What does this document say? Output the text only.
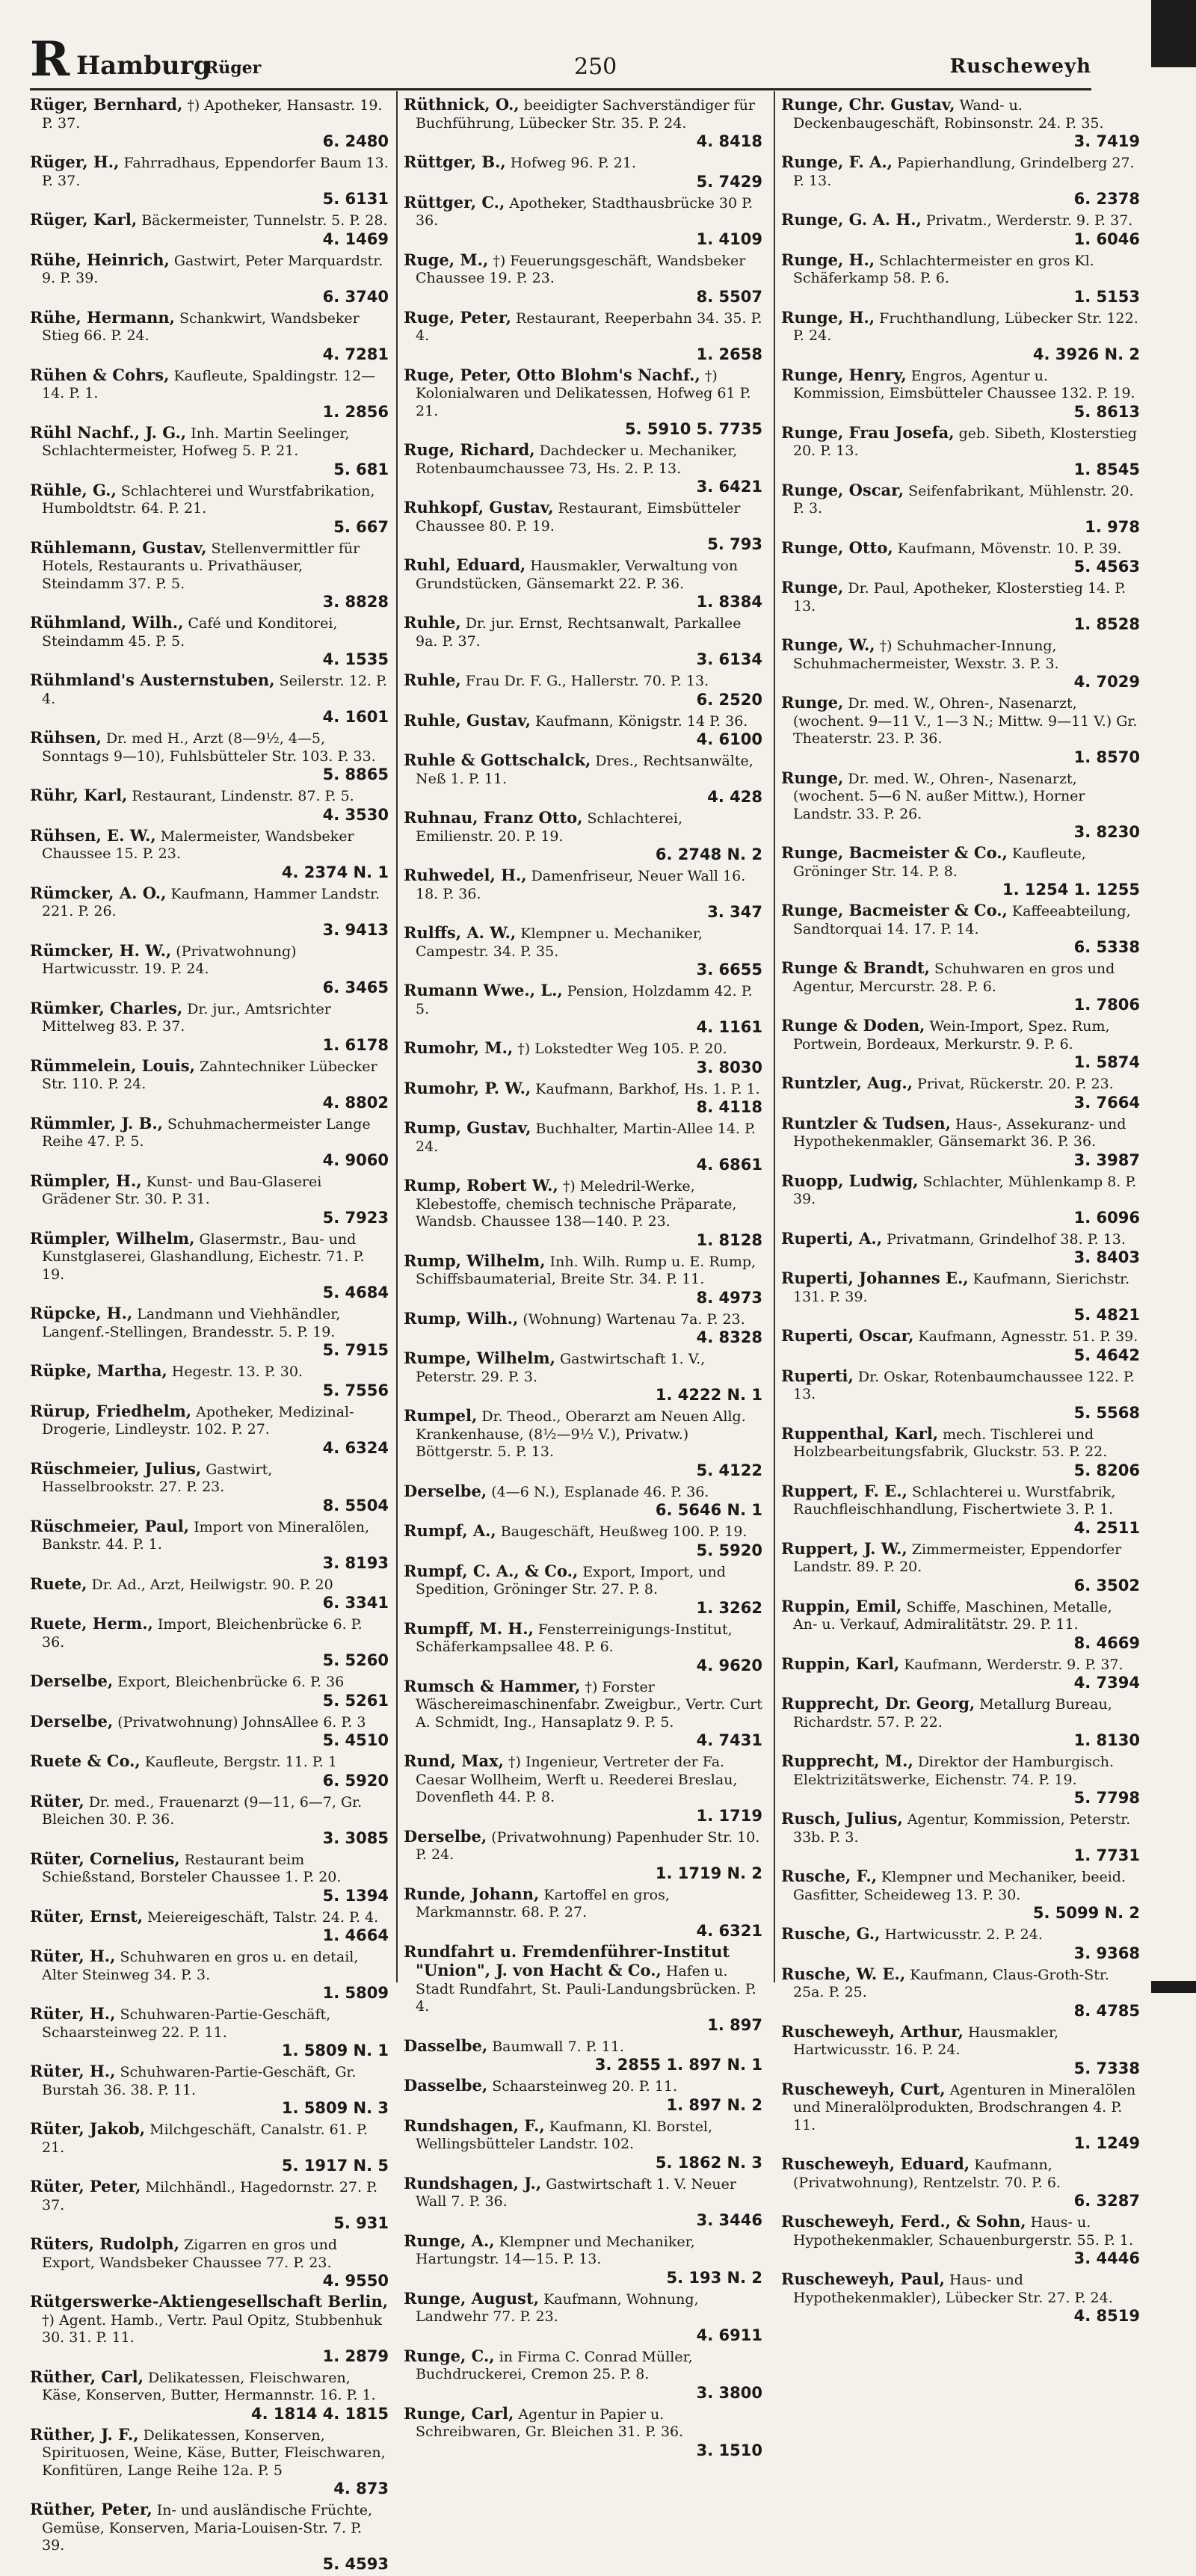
R Hamburg
Rüger	250	Ruscheweyh
Rüger, Bernhard, †) Apotheker, Hansastr. 19. P. 37.
6. 2480
Rüger, H., Fahrradhaus, Eppendorfer Baum 13. P. 37.
5. 6131
Rüger, Karl, Bäckermeister, Tunnelstr. 5. P. 28.
4. 1469
Rühe, Heinrich, Gastwirt, Peter Marquardstr. 9. P. 39.
6. 3740
Rühe, Hermann, Schankwirt, Wandsbeker Stieg 66. P. 24.
4. 7281
Rühen & Cohrs, Kaufleute, Spaldingstr. 12—14. P. 1.
1. 2856
Rühl Nachf., J. G., Inh. Martin Seelinger, Schlachtermeister, Hofweg 5. P. 21.
5. 681
Rühle, G., Schlachterei und Wurstfabrikation, Humboldtstr. 64. P. 21.
5. 667
Rühlemann, Gustav, Stellenvermittler für Hotels, Restaurants u. Privathäuser, Steindamm 37. P. 5.
3. 8828
Rühmland, Wilh., Café und Konditorei, Steindamm 45. P. 5.
4. 1535
Rühmland's Austernstuben, Seilerstr. 12. P. 4.
4. 1601
Rühsen, Dr. med H., Arzt (8—9½, 4—5, Sonntags 9—10), Fuhlsbütteler Str. 103. P. 33.
5. 8865
Rühr, Karl, Restaurant, Lindenstr. 87. P. 5.
4. 3530
Rühsen, E. W., Malermeister, Wandsbeker Chaussee 15. P. 23.
4. 2374 N. 1
Rümcker, A. O., Kaufmann, Hammer Landstr. 221. P. 26.
3. 9413
Rümcker, H. W., (Privatwohnung) Hartwicusstr. 19. P. 24.
6. 3465
Rümker, Charles, Dr. jur., Amtsrichter Mittelweg 83. P. 37.
1. 6178
Rümmelein, Louis, Zahntechniker Lübecker Str. 110. P. 24.
4. 8802
Rümmler, J. B., Schuhmachermeister Lange Reihe 47. P. 5.
4. 9060
Rümpler, H., Kunst- und Bau-Glaserei Grädener Str. 30. P. 31.
5. 7923
Rümpler, Wilhelm, Glasermstr., Bau- und Kunstglaserei, Glashandlung, Eichestr. 71. P. 19.
5. 4684
Rüpcke, H., Landmann und Viehhändler, Langenf.-Stellingen, Brandesstr. 5. P. 19.
5. 7915
Rüpke, Martha, Hegestr. 13. P. 30.
5. 7556
Rürup, Friedhelm, Apotheker, Medizinal-Drogerie, Lindleystr. 102. P. 27.
4. 6324
Rüschmeier, Julius, Gastwirt, Hasselbrookstr. 27. P. 23.
8. 5504
Rüschmeier, Paul, Import von Mineralölen, Bankstr. 44. P. 1.
3. 8193
Ruete, Dr. Ad., Arzt, Heilwigstr. 90. P. 20
6. 3341
Ruete, Herm., Import, Bleichenbrücke 6. P. 36.
5. 5260
Derselbe, Export, Bleichenbrücke 6. P. 36
5. 5261
Derselbe, (Privatwohnung) JohnsAllee 6. P. 3
5. 4510
Ruete & Co., Kaufleute, Bergstr. 11. P. 1
6. 5920
Rüter, Dr. med., Frauenarzt (9—11, 6—7, Gr. Bleichen 30. P. 36.
3. 3085
Rüter, Cornelius, Restaurant beim Schießstand, Borsteler Chaussee 1. P. 20.
5. 1394
Rüter, Ernst, Meiereigeschäft, Talstr. 24. P. 4.
1. 4664
Rüter, H., Schuhwaren en gros u. en detail, Alter Steinweg 34. P. 3.
1. 5809
Rüter, H., Schuhwaren-Partie-Geschäft, Schaarsteinweg 22. P. 11.
1. 5809 N. 1
Rüter, H., Schuhwaren-Partie-Geschäft, Gr. Burstah 36. 38. P. 11.
1. 5809 N. 3
Rüter, Jakob, Milchgeschäft, Canalstr. 61. P. 21.
5. 1917 N. 5
Rüter, Peter, Milchhändl., Hagedornstr. 27. P. 37.
5. 931
Rüters, Rudolph, Zigarren en gros und Export, Wandsbeker Chaussee 77. P. 23.
4. 9550
Rütgerswerke-Aktiengesellschaft Berlin, †) Agent. Hamb., Vertr. Paul Opitz, Stubbenhuk 30. 31. P. 11.
1. 2879
Rüther, Carl, Delikatessen, Fleischwaren, Käse, Konserven, Butter, Hermannstr. 16. P. 1.
4. 1814 4. 1815
Rüther, J. F., Delikatessen, Konserven, Spirituosen, Weine, Käse, Butter, Fleischwaren, Konfitüren, Lange Reihe 12a. P. 5
4. 873
Rüther, Peter, In- und ausländische Früchte, Gemüse, Konserven, Maria-Louisen-Str. 7. P. 39.
5. 4593
Rüthnick, O., beeidigter Sachverständiger für Buchführung, Lübecker Str. 35. P. 24.
4. 8418
Rüttger, B., Hofweg 96. P. 21.
5. 7429
Rüttger, C., Apotheker, Stadthausbrücke 30 P. 36.
1. 4109
Ruge, M., †) Feuerungsgeschäft, Wandsbeker Chaussee 19. P. 23.
8. 5507
Ruge, Peter, Restaurant, Reeperbahn 34. 35. P. 4.
1. 2658
Ruge, Peter, Otto Blohm's Nachf., †) Kolonialwaren und Delikatessen, Hofweg 61 P. 21.
5. 5910 5. 7735
Ruge, Richard, Dachdecker u. Mechaniker, Rotenbaumchaussee 73, Hs. 2. P. 13.
3. 6421
Ruhkopf, Gustav, Restaurant, Eimsbütteler Chaussee 80. P. 19.
5. 793
Ruhl, Eduard, Hausmakler, Verwaltung von Grundstücken, Gänsemarkt 22. P. 36.
1. 8384
Ruhle, Dr. jur. Ernst, Rechtsanwalt, Parkallee 9a. P. 37.
3. 6134
Ruhle, Frau Dr. F. G., Hallerstr. 70. P. 13.
6. 2520
Ruhle, Gustav, Kaufmann, Königstr. 14 P. 36.
4. 6100
Ruhle & Gottschalck, Dres., Rechtsanwälte, Neß 1. P. 11.
4. 428
Ruhnau, Franz Otto, Schlachterei, Emilienstr. 20. P. 19.
6. 2748 N. 2
Ruhwedel, H., Damenfriseur, Neuer Wall 16. 18. P. 36.
3. 347
Rulffs, A. W., Klempner u. Mechaniker, Campestr. 34. P. 35.
3. 6655
Rumann Wwe., L., Pension, Holzdamm 42. P. 5.
4. 1161
Rumohr, M., †) Lokstedter Weg 105. P. 20.
3. 8030
Rumohr, P. W., Kaufmann, Barkhof, Hs. 1. P. 1.
8. 4118
Rump, Gustav, Buchhalter, Martin-Allee 14. P. 24.
4. 6861
Rump, Robert W., †) Meledril-Werke, Klebestoffe, chemisch technische Präparate, Wandsb. Chaussee 138—140. P. 23.
1. 8128
Rump, Wilhelm, Inh. Wilh. Rump u. E. Rump, Schiffsbaumaterial, Breite Str. 34. P. 11.
8. 4973
Rump, Wilh., (Wohnung) Wartenau 7a. P. 23.
4. 8328
Rumpe, Wilhelm, Gastwirtschaft 1. V., Peterstr. 29. P. 3.
1. 4222 N. 1
Rumpel, Dr. Theod., Oberarzt am Neuen Allg. Krankenhause, (8½—9½ V.), Privatw.) Böttgerstr. 5. P. 13.
5. 4122
Derselbe, (4—6 N.), Esplanade 46. P. 36.
6. 5646 N. 1
Rumpf, A., Baugeschäft, Heußweg 100. P. 19.
5. 5920
Rumpf, C. A., & Co., Export, Import, und Spedition, Gröninger Str. 27. P. 8.
1. 3262
Rumpff, M. H., Fensterreinigungs-Institut, Schäferkampsallee 48. P. 6.
4. 9620
Rumsch & Hammer, †) Forster Wäschereimaschinenfabr. Zweigbur., Vertr. Curt A. Schmidt, Ing., Hansaplatz 9. P. 5.
4. 7431
Rund, Max, †) Ingenieur, Vertreter der Fa. Caesar Wollheim, Werft u. Reederei Breslau, Dovenfleth 44. P. 8.
1. 1719
Derselbe, (Privatwohnung) Papenhuder Str. 10. P. 24.
1. 1719 N. 2
Runde, Johann, Kartoffel en gros, Markmannstr. 68. P. 27.
4. 6321
Rundfahrt u. Fremdenführer-Institut "Union", J. von Hacht & Co., Hafen u. Stadt Rundfahrt, St. Pauli-Landungsbrücken. P. 4.
1. 897
Dasselbe, Baumwall 7. P. 11.
3. 2855 1. 897 N. 1
Dasselbe, Schaarsteinweg 20. P. 11.
1. 897 N. 2
Rundshagen, F., Kaufmann, Kl. Borstel, Wellingsbütteler Landstr. 102.
5. 1862 N. 3
Rundshagen, J., Gastwirtschaft 1. V. Neuer Wall 7. P. 36.
3. 3446
Runge, A., Klempner und Mechaniker, Hartungstr. 14—15. P. 13.
5. 193 N. 2
Runge, August, Kaufmann, Wohnung, Landwehr 77. P. 23.
4. 6911
Runge, C., in Firma C. Conrad Müller, Buchdruckerei, Cremon 25. P. 8.
3. 3800
Runge, Carl, Agentur in Papier u. Schreibwaren, Gr. Bleichen 31. P. 36.
3. 1510
Runge, Chr. Gustav, Wand- u. Deckenbaugeschäft, Robinsonstr. 24. P. 35.
3. 7419
Runge, F. A., Papierhandlung, Grindelberg 27. P. 13.
6. 2378
Runge, G. A. H., Privatm., Werderstr. 9. P. 37.
1. 6046
Runge, H., Schlachtermeister en gros Kl. Schäferkamp 58. P. 6.
1. 5153
Runge, H., Fruchthandlung, Lübecker Str. 122. P. 24.
4. 3926 N. 2
Runge, Henry, Engros, Agentur u. Kommission, Eimsbütteler Chaussee 132. P. 19.
5. 8613
Runge, Frau Josefa, geb. Sibeth, Klosterstieg 20. P. 13.
1. 8545
Runge, Oscar, Seifenfabrikant, Mühlenstr. 20. P. 3.
1. 978
Runge, Otto, Kaufmann, Mövenstr. 10. P. 39.
5. 4563
Runge, Dr. Paul, Apotheker, Klosterstieg 14. P. 13.
1. 8528
Runge, W., †) Schuhmacher-Innung, Schuhmachermeister, Wexstr. 3. P. 3.
4. 7029
Runge, Dr. med. W., Ohren-, Nasenarzt, (wochent. 9—11 V., 1—3 N.; Mittw. 9—11 V.) Gr. Theaterstr. 23. P. 36.
1. 8570
Runge, Dr. med. W., Ohren-, Nasenarzt, (wochent. 5—6 N. außer Mittw.), Horner Landstr. 33. P. 26.
3. 8230
Runge, Bacmeister & Co., Kaufleute, Gröninger Str. 14. P. 8.
1. 1254 1. 1255
Runge, Bacmeister & Co., Kaffeeabteilung, Sandtorquai 14. 17. P. 14.
6. 5338
Runge & Brandt, Schuhwaren en gros und Agentur, Mercurstr. 28. P. 6.
1. 7806
Runge & Doden, Wein-Import, Spez. Rum, Portwein, Bordeaux, Merkurstr. 9. P. 6.
1. 5874
Runtzler, Aug., Privat, Rückerstr. 20. P. 23.
3. 7664
Runtzler & Tudsen, Haus-, Assekuranz- und Hypothekenmakler, Gänsemarkt 36. P. 36.
3. 3987
Ruopp, Ludwig, Schlachter, Mühlenkamp 8. P. 39.
1. 6096
Ruperti, A., Privatmann, Grindelhof 38. P. 13.
3. 8403
Ruperti, Johannes E., Kaufmann, Sierichstr. 131. P. 39.
5. 4821
Ruperti, Oscar, Kaufmann, Agnesstr. 51. P. 39.
5. 4642
Ruperti, Dr. Oskar, Rotenbaumchaussee 122. P. 13.
5. 5568
Ruppenthal, Karl, mech. Tischlerei und Holzbearbeitungsfabrik, Gluckstr. 53. P. 22.
5. 8206
Ruppert, F. E., Schlachterei u. Wurstfabrik, Rauchfleischhandlung, Fischertwiete 3. P. 1.
4. 2511
Ruppert, J. W., Zimmermeister, Eppendorfer Landstr. 89. P. 20.
6. 3502
Ruppin, Emil, Schiffe, Maschinen, Metalle, An- u. Verkauf, Admiralitätstr. 29. P. 11.
8. 4669
Ruppin, Karl, Kaufmann, Werderstr. 9. P. 37.
4. 7394
Rupprecht, Dr. Georg, Metallurg Bureau, Richardstr. 57. P. 22.
1. 8130
Rupprecht, M., Direktor der Hamburgisch. Elektrizitätswerke, Eichenstr. 74. P. 19.
5. 7798
Rusch, Julius, Agentur, Kommission, Peterstr. 33b. P. 3.
1. 7731
Rusche, F., Klempner und Mechaniker, beeid. Gasfitter, Scheideweg 13. P. 30.
5. 5099 N. 2
Rusche, G., Hartwicusstr. 2. P. 24.
3. 9368
Rusche, W. E., Kaufmann, Claus-Groth-Str. 25a. P. 25.
8. 4785
Ruscheweyh, Arthur, Hausmakler, Hartwicusstr. 16. P. 24.
5. 7338
Ruscheweyh, Curt, Agenturen in Mineralölen und Mineralölprodukten, Brodschrangen 4. P. 11.
1. 1249
Ruscheweyh, Eduard, Kaufmann, (Privatwohnung), Rentzelstr. 70. P. 6.
6. 3287
Ruscheweyh, Ferd., & Sohn, Haus- u. Hypothekenmakler, Schauenburgerstr. 55. P. 1.
3. 4446
Ruscheweyh, Paul, Haus- und Hypothekenmakler), Lübecker Str. 27. P. 24.
4. 8519
